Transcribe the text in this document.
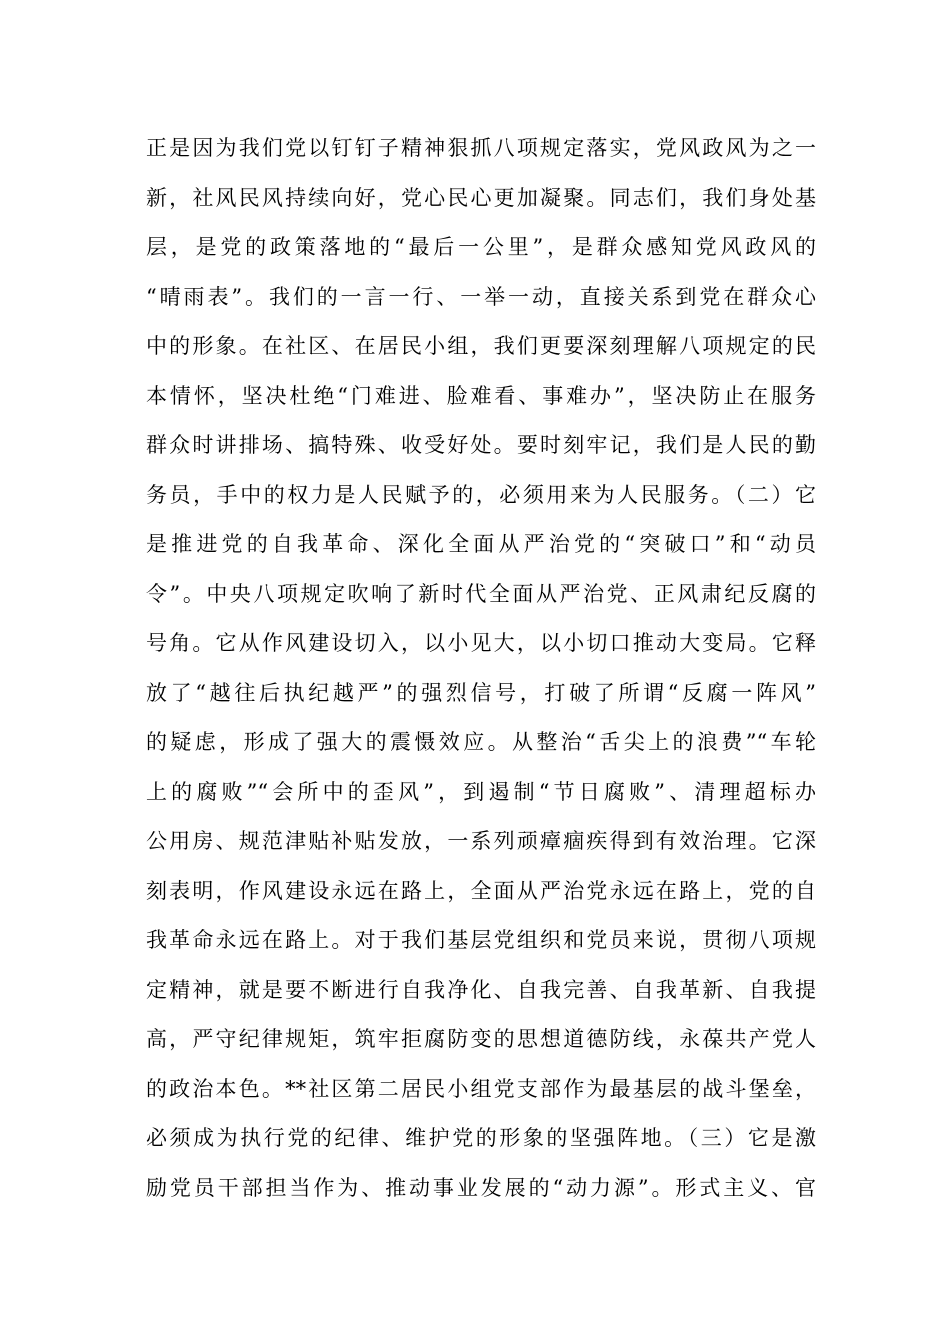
正是因为我们党以钉钉子精神狠抓八项规定落实，党风政风为之一
新，社风民风持续向好，党心民心更加凝聚。同志们，我们身处基
层，是党的政策落地的“最后一公里”，是群众感知党风政风的
“晴雨表”。我们的一言一行、一举一动，直接关系到党在群众心
中的形象。在社区、在居民小组，我们更要深刻理解八项规定的民
本情怀，坚决杜绝“门难进、脸难看、事难办”，坚决防止在服务
群众时讲排场、搞特殊、收受好处。要时刻牢记，我们是人民的勤
务员，手中的权力是人民赋予的，必须用来为人民服务。（二）它
是推进党的自我革命、深化全面从严治党的“突破口”和“动员
令”。中央八项规定吹响了新时代全面从严治党、正风肃纪反腐的
号角。它从作风建设切入，以小见大，以小切口推动大变局。它释
放了“越往后执纪越严”的强烈信号，打破了所谓“反腐一阵风”
的疑虑，形成了强大的震慑效应。从整治“舌尖上的浪费”“车轮
上的腐败”“会所中的歪风”，到遏制“节日腐败”、清理超标办
公用房、规范津贴补贴发放，一系列顽瘴痼疾得到有效治理。它深
刻表明，作风建设永远在路上，全面从严治党永远在路上，党的自
我革命永远在路上。对于我们基层党组织和党员来说，贯彻八项规
定精神，就是要不断进行自我净化、自我完善、自我革新、自我提
高，严守纪律规矩，筑牢拒腐防变的思想道德防线，永葆共产党人
的政治本色。**社区第二居民小组党支部作为最基层的战斗堡垒，
必须成为执行党的纪律、维护党的形象的坚强阵地。（三）它是激
励党员干部担当作为、推动事业发展的“动力源”。形式主义、官
